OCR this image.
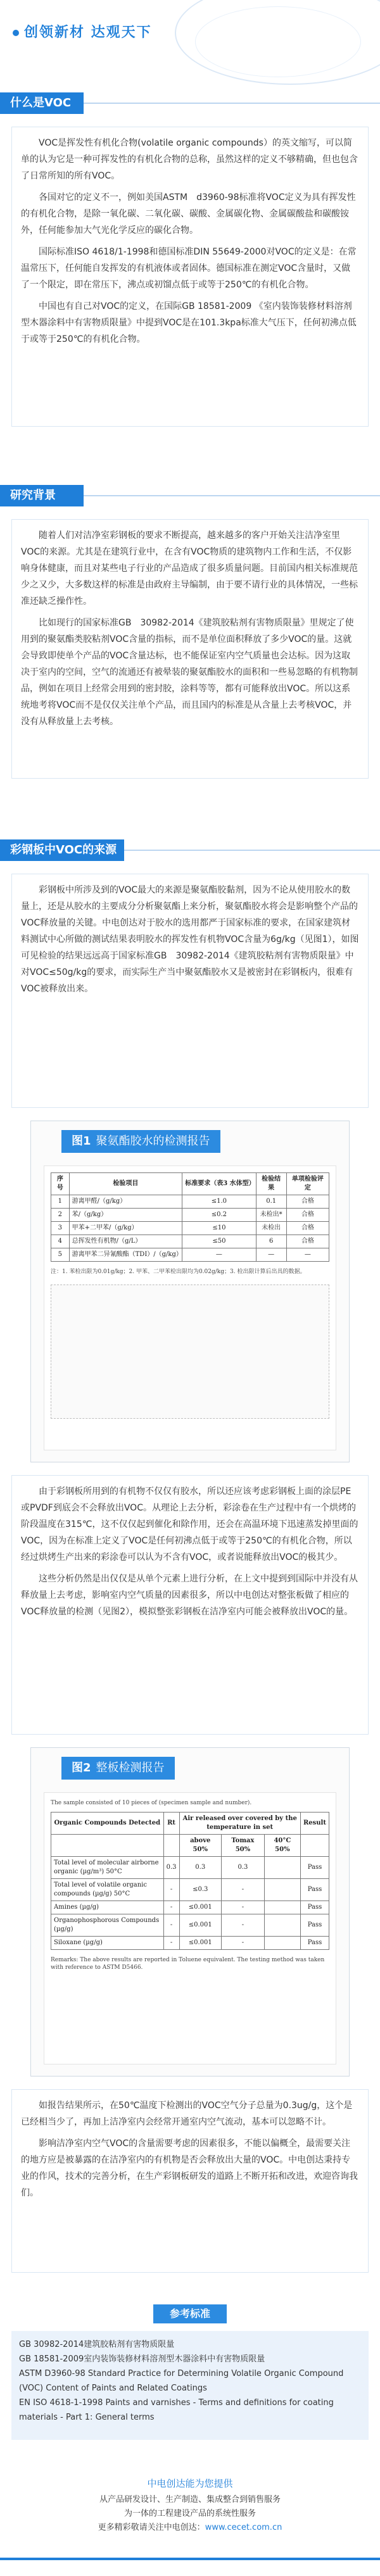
创领新材 达观天下
什么是VOC

VOC是挥发性有机化合物(volatile organic compounds）的英文缩写，可以简单的认为它是一种可挥发性的有机化合物的总称，虽然这样的定义不够精确，但也包含了日常所知的所有VOC。

各国对它的定义不一，例如美国ASTM　d3960-98标准将VOC定义为具有挥发性的有机化合物，是除一氧化碳、二氧化碳、碳酸、金属碳化物、金属碳酸盐和碳酸铵外，任何能参加大气光化学反应的碳化合物。

国际标准ISO 4618/1-1998和德国标准DIN 55649-2000对VOC的定义是：在常温常压下，任何能自发挥发的有机液体或者固体。德国标准在测定VOC含量时，又做了一个限定，即在常压下，沸点或初馏点低于或等于250℃的有机化合物。

中国也有自己对VOC的定义，在国际GB 18581-2009 《室内装饰装修材料溶剂型木器涂料中有害物质限量》中提到VOC是在101.3kpa标准大气压下，任何初沸点低于或等于250℃的有机化合物。

研究背景

随着人们对洁净室彩钢板的要求不断提高，越来越多的客户开始关注洁净室里VOC的来源。尤其是在建筑行业中，在含有VOC物质的建筑物内工作和生活，不仅影响身体健康，而且对某些电子行业的产品造成了很多质量问题。目前国内相关标准规范少之又少，大多数这样的标准是由政府主导编制，由于要不请行业的具体情况，一些标准还缺乏操作性。

比如现行的国家标准GB　30982-2014《建筑胶粘剂有害物质限量》里规定了使用到的聚氨酯类胶粘剂VOC含量的指标，而不是单位面积释放了多少VOC的量。这就会导致即使单个产品的VOC含量达标，也不能保证室内空气质量也会达标。因为这取决于室内的空间，空气的流通还有被晕装的聚氨酯胶水的面积和一些易忽略的有机物制品，例如在项目上经常会用到的密封胶，涂料等等，都有可能释放出VOC。所以这系统地考将VOC而不是仅仅关注单个产品，而且国内的标准是从含量上去考核VOC，并没有从释放量上去考核。

彩钢板中VOC的来源

彩钢板中所涉及到的VOC最大的来源是聚氨酯胶黏剂，因为不论从使用胶水的数量上，还是从胶水的主要成分分析聚氨酯上来分析，聚氨酯胶水将会是影响整个产品的VOC释放量的关键。中电创达对于胶水的选用都严于国家标准的要求，在国家建筑材料测试中心所做的测试结果表明胶水的挥发性有机物VOC含量为6g/kg（见图1），如图可见检验的结果远远高于国家标准GB　30982-2014《建筑胶粘剂有害物质限量》中对VOC≤50g/kg的要求，而实际生产当中聚氨酯胶水又是被密封在彩钢板内，很难有VOC被释放出来。

图1 聚氨酯胶水的检测报告
序号	检验项目	标准要求（表3 水体型）	检验结果	单项检验评定
1	游离甲醛/（g/kg）	≤1.0	0.1	合格
2	苯/（g/kg）	≤0.2	未检出*	合格
3	甲苯+二甲苯/（g/kg）	≤10	未检出	合格
4	总挥发性有机物/（g/L）	≤50	6	合格
5	游离甲苯二异氰酸酯（TDI）/（g/kg）	—	—	—
注：1. 苯检出限为0.01g/kg；2. 甲苯、二甲苯检出限均为0.02g/kg；3. 检出限计算后出具的数据。

由于彩钢板所用到的有机物不仅仅有胶水，所以还应该考虑彩钢板上面的涂层PE或PVDF到底会不会释放出VOC。从理论上去分析，彩涂卷在生产过程中有一个烘烤的阶段温度在315℃，这不仅仅起到催化和除作用，还会在高温环境下迅速蒸发掉里面的VOC，因为在标准上定义了VOC是任何初沸点低于或等于250℃的有机化合物，所以经过烘烤生产出来的彩涂卷可以认为不含有VOC，或者说能释放出VOC的极其少。

这些分析仍然是出仅仅是从单个元素上进行分析，在上文中提到到国际中并没有从释放量上去考虑，影响室内空气质量的因素很多，所以中电创达对整张板做了相应的VOC释放量的检测（见图2），模拟整张彩钢板在洁净室内可能会被释放出VOC的量。

图2 整板检测报告
The sample consisted of 10 pieces of (specimen sample and number).
Organic Compounds Detected	Rt	Air released over covered by the temperature in set			Result
		above 50%	Tomax 50%	40°C 50%	
Total level of molecular airborne organic (µg/m³) 50°C	0.3	0.3	0.3		Pass
Total level of volatile organic compounds (µg/g) 50°C	-	≤0.3	-		Pass
Amines (µg/g)	-	≤0.001	-		Pass
Organophosphorous Compounds (µg/g)	-	≤0.001	-		Pass
Siloxane (µg/g)	-	≤0.001	-		Pass
Remarks: The above results are reported in Toluene equivalent. The testing method was taken with reference to ASTM D5466.

如报告结果所示，在50℃温度下检测出的VOC空气分子总量为0.3ug/g，这个是已经相当少了，再加上洁净室内会经常开通室内空气流动，基本可以忽略不计。

影响洁净室内空气VOC的含量需要考虑的因素很多，不能以偏概全，最需要关注的地方应是被暴露的在洁净室内的有机物是否会释放出大量的VOC。中电创达秉持专业的作风，技术的完善分析，在生产彩钢板研发的道路上不断开拓和改进，欢迎咨询我们。

参考标准
GB 30982-2014建筑胶粘剂有害物质限量
GB 18581-2009室内装饰装修材料溶剂型木器涂料中有害物质限量
ASTM D3960-98 Standard Practice for Determining Volatile Organic Compound (VOC) Content of Paints and Related Coatings
EN ISO 4618-1-1998 Paints and varnishes - Terms and definitions for coating materials - Part 1: General terms
中电创达能为您提供
从产品研发设计、生产制造、集成整合到销售服务
为一体的工程建设产品的系统性服务
更多精彩敬请关注中电创达：www.cecet.com.cn
